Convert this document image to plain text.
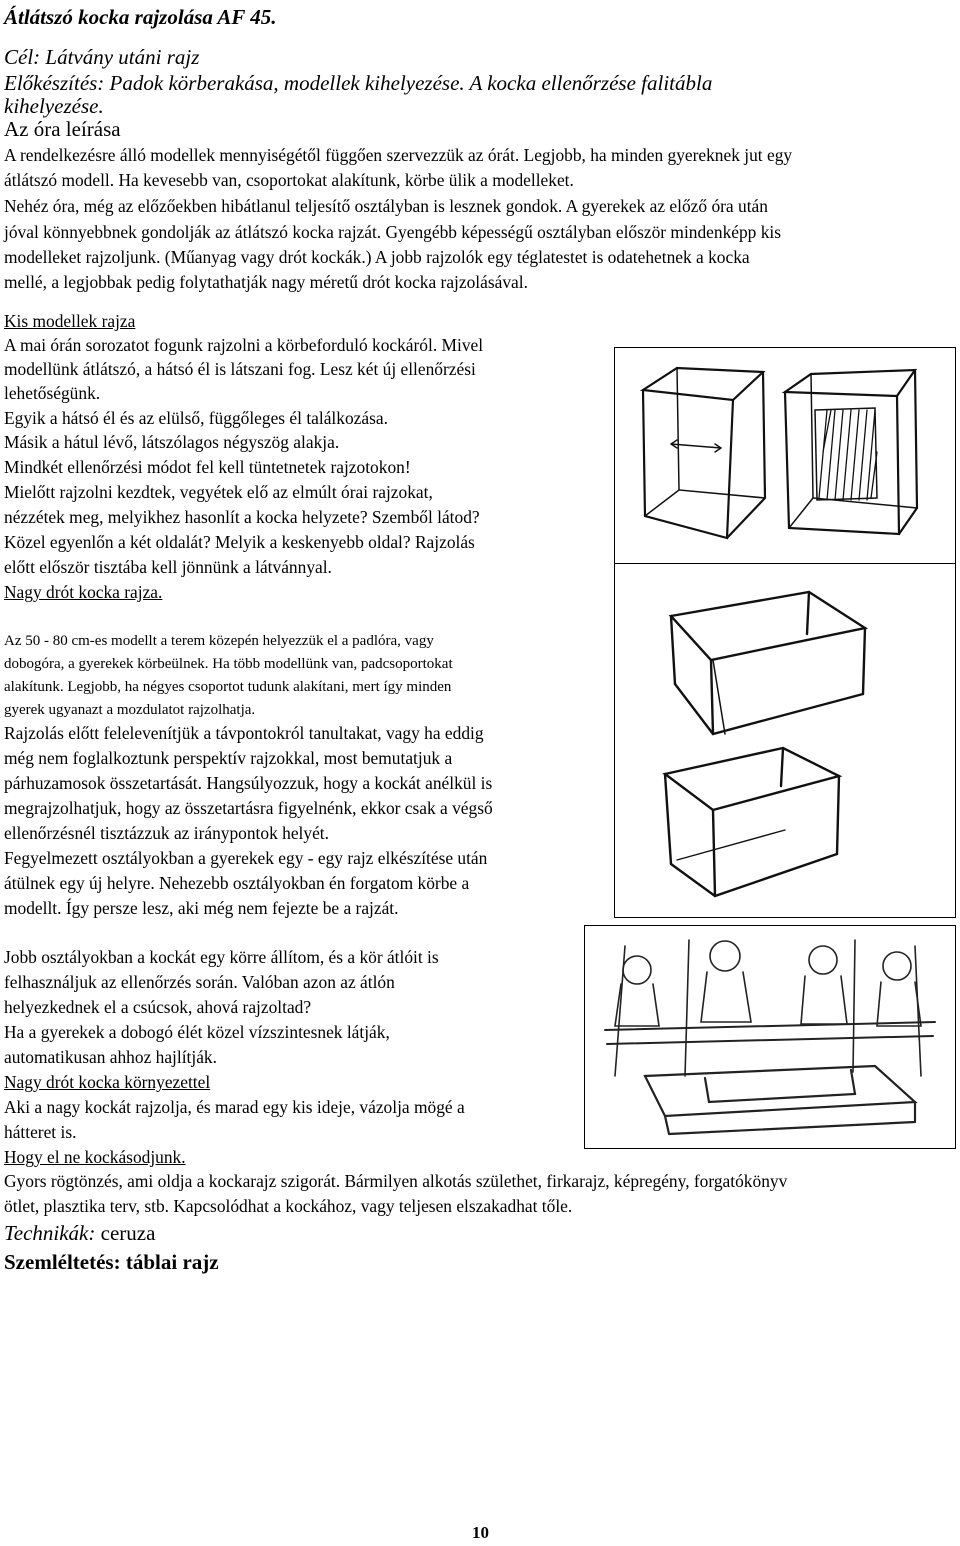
Átlátszó kocka rajzolása AF 45.
Cél: Látvány utáni rajz
Előkészítés: Padok körberakása, modellek kihelyezése. A kocka ellenőrzése falitábla
kihelyezése.
Az óra leírása
A rendelkezésre álló modellek mennyiségétől függően szervezzük az órát. Legjobb, ha minden gyereknek jut egy
átlátszó modell. Ha kevesebb van, csoportokat alakítunk, körbe ülik a modelleket.
Nehéz óra, még az előzőekben hibátlanul teljesítő osztályban is lesznek gondok. A gyerekek az előző óra után
jóval könnyebbnek gondolják az átlátszó kocka rajzát. Gyengébb képességű osztályban először mindenképp kis
modelleket rajzoljunk. (Műanyag vagy drót kockák.) A jobb rajzolók egy téglatestet is odatehetnek a kocka
mellé, a legjobbak pedig folytathatják nagy méretű drót kocka rajzolásával.
Kis modellek rajza
A mai órán sorozatot fogunk rajzolni a körbeforduló kockáról. Mivel
modellünk átlátszó, a hátsó él is látszani fog. Lesz két új ellenőrzési
lehetőségünk.
Egyik a hátsó él és az elülső, függőleges él találkozása.
Másik a hátul lévő, látszólagos négyszög alakja.
Mindkét ellenőrzési módot fel kell tüntetnetek rajzotokon!
Mielőtt rajzolni kezdtek, vegyétek elő az elmúlt órai rajzokat,
nézzétek meg, melyikhez hasonlít a kocka helyzete? Szemből látod?
Közel egyenlőn a két oldalát? Melyik a keskenyebb oldal? Rajzolás
előtt először tisztába kell jönnünk a látvánnyal.
Nagy drót kocka rajza.
Az 50 - 80 cm-es modellt a terem közepén helyezzük el a padlóra, vagy
dobogóra, a gyerekek körbeülnek. Ha több modellünk van, padcsoportokat
alakítunk. Legjobb, ha négyes csoportot tudunk alakítani, mert így minden
gyerek ugyanazt a mozdulatot rajzolhatja.
Rajzolás előtt felelevenítjük a távpontokról tanultakat, vagy ha eddig
még nem foglalkoztunk perspektív rajzokkal, most bemutatjuk a
párhuzamosok összetartását. Hangsúlyozzuk, hogy a kockát anélkül is
megrajzolhatjuk, hogy az összetartásra figyelnénk, ekkor csak a végső
ellenőrzésnél tisztázzuk az iránypontok helyét.
Fegyelmezett osztályokban a gyerekek egy - egy rajz elkészítése után
átülnek egy új helyre. Nehezebb osztályokban én forgatom körbe a
modellt. Így persze lesz, aki még nem fejezte be a rajzát.
Jobb osztályokban a kockát egy körre állítom, és a kör átlóit is
felhasználjuk az ellenőrzés során. Valóban azon az átlón
helyezkednek el a csúcsok, ahová rajzoltad?
Ha a gyerekek a dobogó élét közel vízszintesnek látják,
automatikusan ahhoz hajlítják.
Nagy drót kocka környezettel
Aki a nagy kockát rajzolja, és marad egy kis ideje, vázolja mögé a
hátteret is.
Hogy el ne kockásodjunk.
Gyors rögtönzés, ami oldja a kockarajz szigorát. Bármilyen alkotás születhet, firkarajz, képregény, forgatókönyv
ötlet, plasztika terv, stb. Kapcsolódhat a kockához, vagy teljesen elszakadhat tőle.
Technikák: ceruza
Szemléltetés: táblai rajz
10
